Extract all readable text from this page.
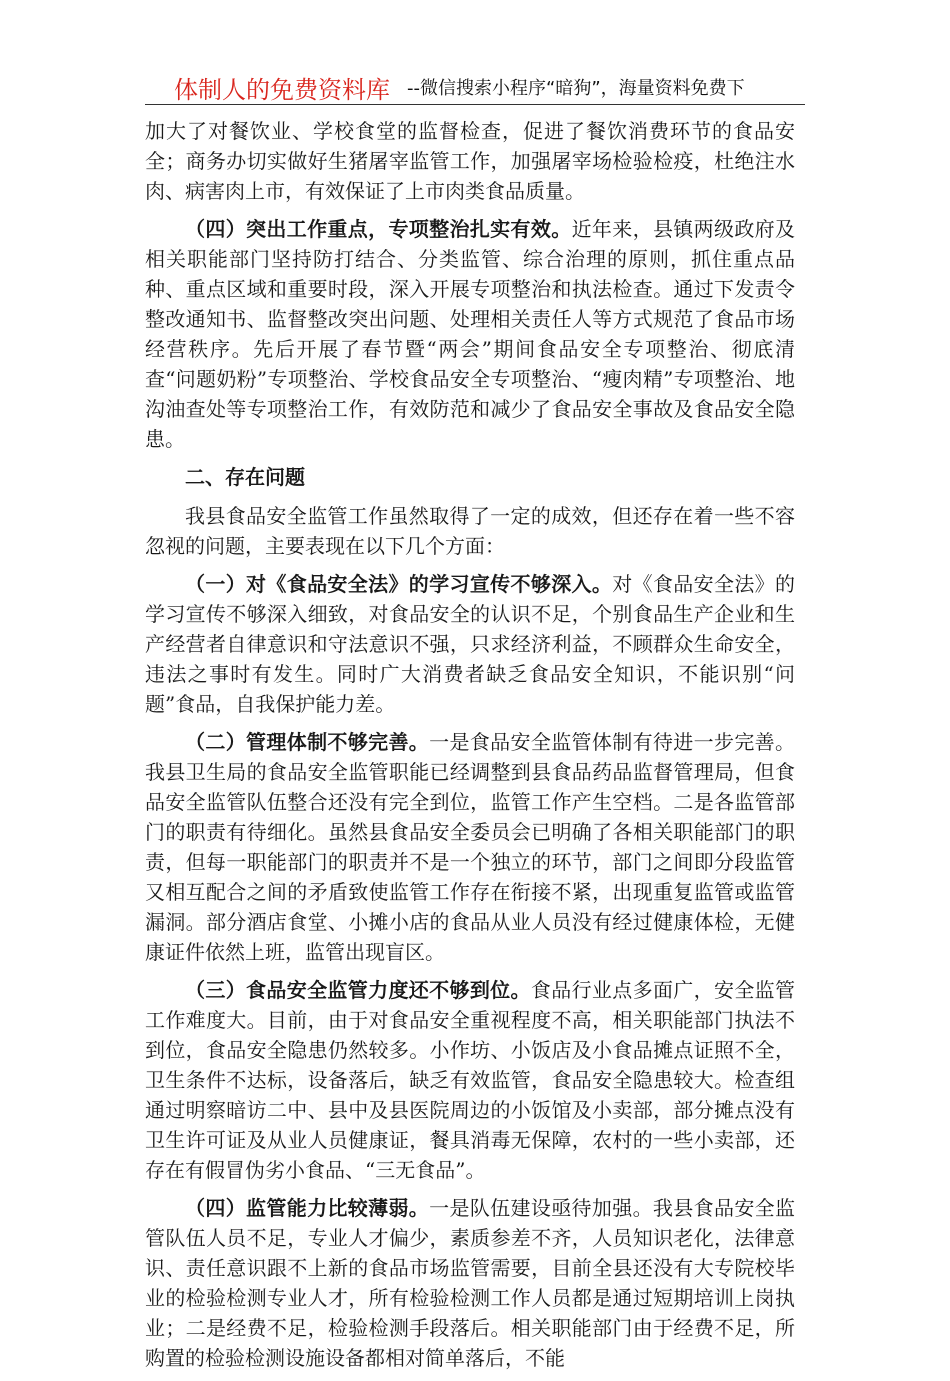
体制人的免费资料库 --微信搜索小程序“暗狗”，海量资料免费下

加大了对餐饮业、学校食堂的监督检查，促进了餐饮消费环节的食品安全；商务办切实做好生猪屠宰监管工作，加强屠宰场检验检疫，杜绝注水肉、病害肉上市，有效保证了上市肉类食品质量。

（四）突出工作重点，专项整治扎实有效。近年来，县镇两级政府及相关职能部门坚持防打结合、分类监管、综合治理的原则，抓住重点品种、重点区域和重要时段，深入开展专项整治和执法检查。通过下发责令整改通知书、监督整改突出问题、处理相关责任人等方式规范了食品市场经营秩序。先后开展了春节暨“两会”期间食品安全专项整治、彻底清查“问题奶粉”专项整治、学校食品安全专项整治、“瘦肉精”专项整治、地沟油查处等专项整治工作，有效防范和减少了食品安全事故及食品安全隐患。

二、存在问题

我县食品安全监管工作虽然取得了一定的成效，但还存在着一些不容忽视的问题，主要表现在以下几个方面：

（一）对《食品安全法》的学习宣传不够深入。对《食品安全法》的学习宣传不够深入细致，对食品安全的认识不足，个别食品生产企业和生产经营者自律意识和守法意识不强，只求经济利益，不顾群众生命安全，违法之事时有发生。同时广大消费者缺乏食品安全知识，不能识别“问题”食品，自我保护能力差。

（二）管理体制不够完善。一是食品安全监管体制有待进一步完善。我县卫生局的食品安全监管职能已经调整到县食品药品监督管理局，但食品安全监管队伍整合还没有完全到位，监管工作产生空档。二是各监管部门的职责有待细化。虽然县食品安全委员会已明确了各相关职能部门的职责，但每一职能部门的职责并不是一个独立的环节，部门之间即分段监管又相互配合之间的矛盾致使监管工作存在衔接不紧，出现重复监管或监管漏洞。部分酒店食堂、小摊小店的食品从业人员没有经过健康体检，无健康证件依然上班，监管出现盲区。

（三）食品安全监管力度还不够到位。食品行业点多面广，安全监管工作难度大。目前，由于对食品安全重视程度不高，相关职能部门执法不到位，食品安全隐患仍然较多。小作坊、小饭店及小食品摊点证照不全，卫生条件不达标，设备落后，缺乏有效监管，食品安全隐患较大。检查组通过明察暗访二中、县中及县医院周边的小饭馆及小卖部，部分摊点没有卫生许可证及从业人员健康证，餐具消毒无保障，农村的一些小卖部，还存在有假冒伪劣小食品、“三无食品”。

（四）监管能力比较薄弱。一是队伍建设亟待加强。我县食品安全监管队伍人员不足，专业人才偏少，素质参差不齐，人员知识老化，法律意识、责任意识跟不上新的食品市场监管需要，目前全县还没有大专院校毕业的检验检测专业人才，所有检验检测工作人员都是通过短期培训上岗执业；二是经费不足，检验检测手段落后。相关职能部门由于经费不足，所购置的检验检测设施设备都相对简单落后，不能
